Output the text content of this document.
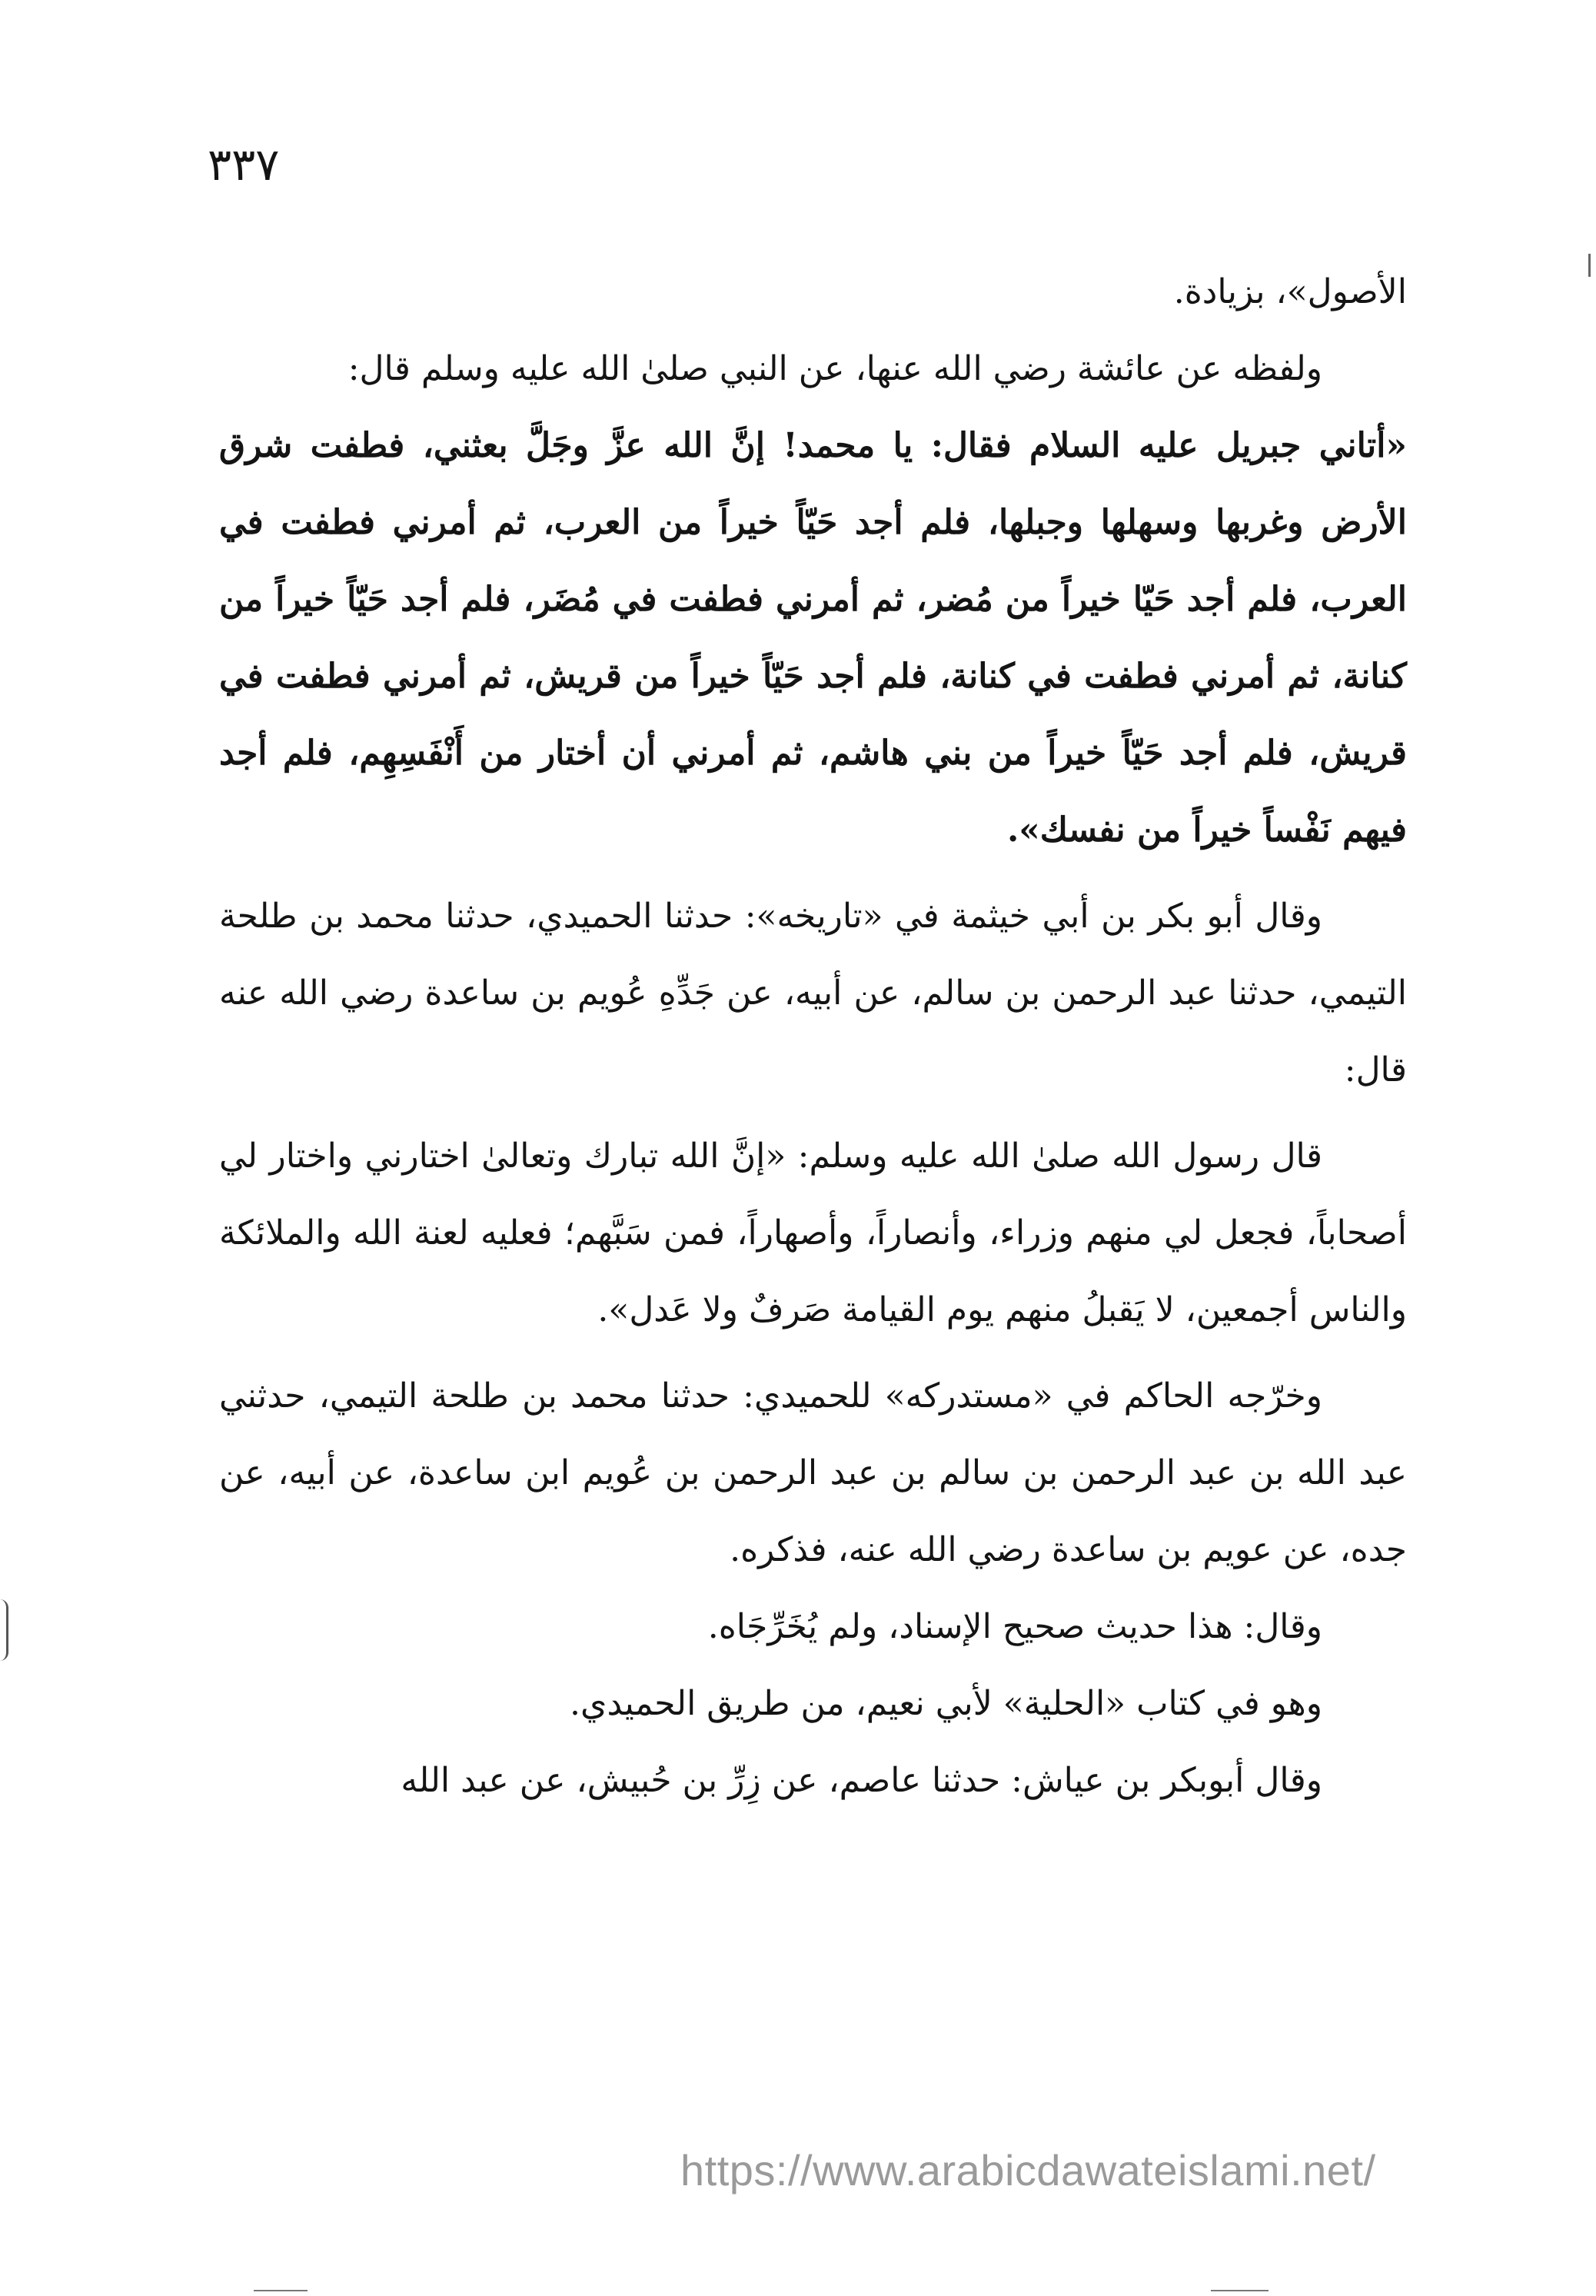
٣٣٧

الأصول»، بزيادة.

ولفظه عن عائشة رضي الله عنها، عن النبي صلىٰ الله عليه وسلم قال:

«أتاني جبريل عليه السلام فقال: يا محمد! إنَّ الله عزَّ وجَلَّ بعثني، فطفت شرق الأرض وغربها وسهلها وجبلها، فلم أجد حَيّاً خيراً من العرب، ثم أمرني فطفت في العرب، فلم أجد حَيّا خيراً من مُضر، ثم أمرني فطفت في مُضَر، فلم أجد حَيّاً خيراً من كنانة، ثم أمرني فطفت في كنانة، فلم أجد حَيّاً خيراً من قريش، ثم أمرني فطفت في قريش، فلم أجد حَيّاً خيراً من بني هاشم، ثم أمرني أن أختار من أَنْفَسِهِم، فلم أجد فيهم نَفْساً خيراً من نفسك».

وقال أبو بكر بن أبي خيثمة في «تاريخه»: حدثنا الحميدي، حدثنا محمد بن طلحة التيمي، حدثنا عبد الرحمن بن سالم، عن أبيه، عن جَدِّهِ عُويم بن ساعدة رضي الله عنه قال:

قال رسول الله صلىٰ الله عليه وسلم: «إنَّ الله تبارك وتعالىٰ اختارني واختار لي أصحاباً، فجعل لي منهم وزراء، وأنصاراً، وأصهاراً، فمن سَبَّهم؛ فعليه لعنة الله والملائكة والناس أجمعين، لا يَقبلُ منهم يوم القيامة صَرفٌ ولا عَدل».

وخرّجه الحاكم في «مستدركه» للحميدي: حدثنا محمد بن طلحة التيمي، حدثني عبد الله بن عبد الرحمن بن سالم بن عبد الرحمن بن عُويم ابن ساعدة، عن أبيه، عن جده، عن عويم بن ساعدة رضي الله عنه، فذكره.

وقال: هذا حديث صحيح الإسناد، ولم يُخَرِّجَاه.

وهو في كتاب «الحلية» لأبي نعيم، من طريق الحميدي.

وقال أبوبكر بن عياش: حدثنا عاصم، عن زِرِّ بن حُبيش، عن عبد الله

https://www.arabicdawateislami.net/
